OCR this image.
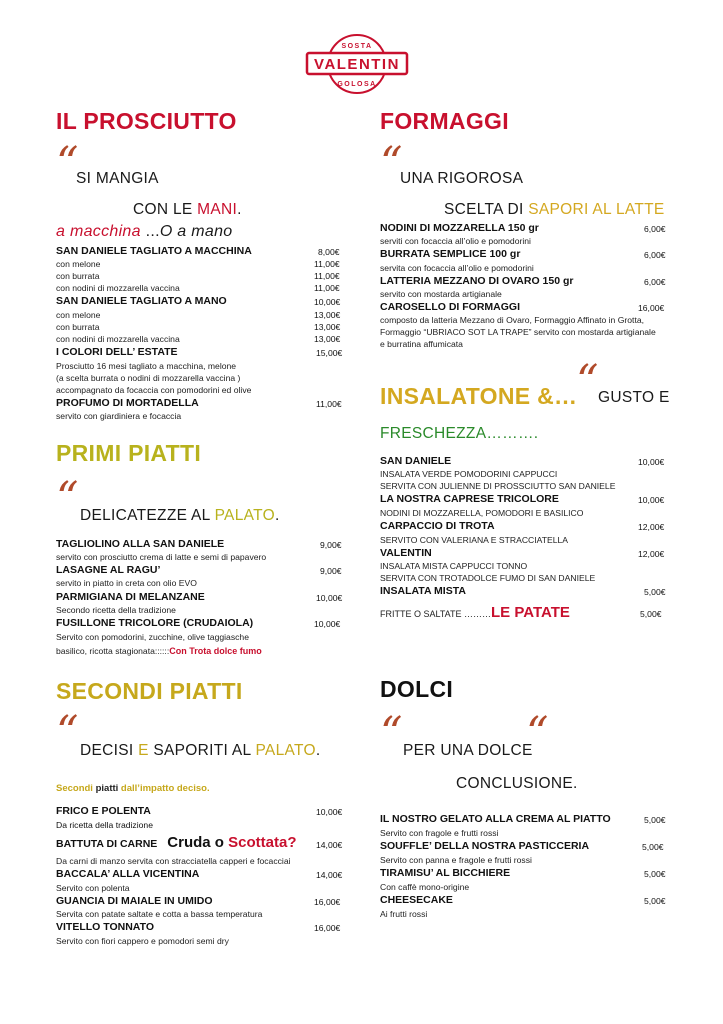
VALENTIN
SOSTA
GOLOSA
IL PROSCIUTTO
“
SI MANGIA
CON LE MANI.
a macchina ...O a mano
SAN DANIELE TAGLIATO A MACCHINA	8,00€
con melone	11,00€
con burrata	11,00€
con nodini di mozzarella vaccina	11,00€
SAN DANIELE TAGLIATO A MANO	10,00€
con melone	13,00€
con burrata	13,00€
con nodini di mozzarella vaccina	13,00€
I COLORI DELL’ ESTATE	15,00€
Prosciutto 16 mesi tagliato a macchina, melone
(a scelta burrata o nodini di mozzarella vaccina )
accompagnato da focaccia con pomodorini ed olive
PROFUMO DI MORTADELLA	11,00€
servito con giardiniera e focaccia
PRIMI PIATTI
“ DELICATEZZE AL PALATO.
TAGLIOLINO ALLA SAN DANIELE	9,00€
servito con prosciutto crema di latte e semi di papavero
LASAGNE AL RAGU’	9,00€
servito in piatto in creta con olio EVO
PARMIGIANA DI MELANZANE	10,00€
Secondo ricetta della tradizione
FUSILLONE TRICOLORE (CRUDAIOLA)	10,00€
Servito con pomodorini, zucchine, olive taggiasche
basilico, ricotta stagionata::::::Con Trota dolce fumo
SECONDI PIATTI
“ DECISI E SAPORITI AL PALATO.
Secondi piatti dall’impatto deciso.
FRICO E POLENTA	10,00€
Da ricetta della tradizione
BATTUTA DI CARNE Cruda o Scottata? 14,00€
Da carni di manzo servita con stracciatella capperi e focacciai
BACCALA’ ALLA VICENTINA	14,00€
Servito con polenta
GUANCIA DI MAIALE IN UMIDO	16,00€
Servita con patate saltate e cotta a bassa temperatura
VITELLO TONNATO	16,00€
Servito con fiori cappero e pomodori semi dry
FORMAGGI
“
UNA RIGOROSA
SCELTA DI SAPORI AL LATTE
NODINI DI MOZZARELLA 150 gr	6,00€
serviti con focaccia all’olio e pomodorini
BURRATA SEMPLICE 100 gr	6,00€
servita con focaccia all’olio e pomodorini
LATTERIA MEZZANO DI OVARO 150 gr	6,00€
servito con mostarda artigianale
CAROSELLO DI FORMAGGI	16,00€
composto da latteria Mezzano di Ovaro, Formaggio Affinato in Grotta,
Formaggio “UBRIACO SOT LA TRAPE” servito con mostarda artigianale
e burratina affumicata
INSALATONE &…
“ GUSTO E
FRESCHEZZA……….
SAN DANIELE	10,00€
INSALATA VERDE POMODORINI CAPPUCCI
SERVITA CON JULIENNE DI PROSSCIUTTO SAN DANIELE
LA NOSTRA CAPRESE TRICOLORE	10,00€
NODINI DI MOZZARELLA, POMODORI E BASILICO
CARPACCIO DI TROTA	12,00€
SERVITO CON VALERIANA E STRACCIATELLA
VALENTIN	12,00€
INSALATA MISTA CAPPUCCI TONNO
SERVITA CON TROTADOLCE FUMO DI SAN DANIELE
INSALATA MISTA	5,00€
FRITTE O SALTATE ………LE PATATE	5,00€
DOLCI
“	“
PER UNA DOLCE
CONCLUSIONE.
IL NOSTRO GELATO ALLA CREMA AL PIATTO	5,00€
Servito con fragole e frutti rossi
SOUFFLE’ DELLA NOSTRA PASTICCERIA	5,00€
Servito con panna e fragole e frutti rossi
TIRAMISU’ AL BICCHIERE	5,00€
Con caffè mono-origine
CHEESECAKE	5,00€
Ai frutti rossi
